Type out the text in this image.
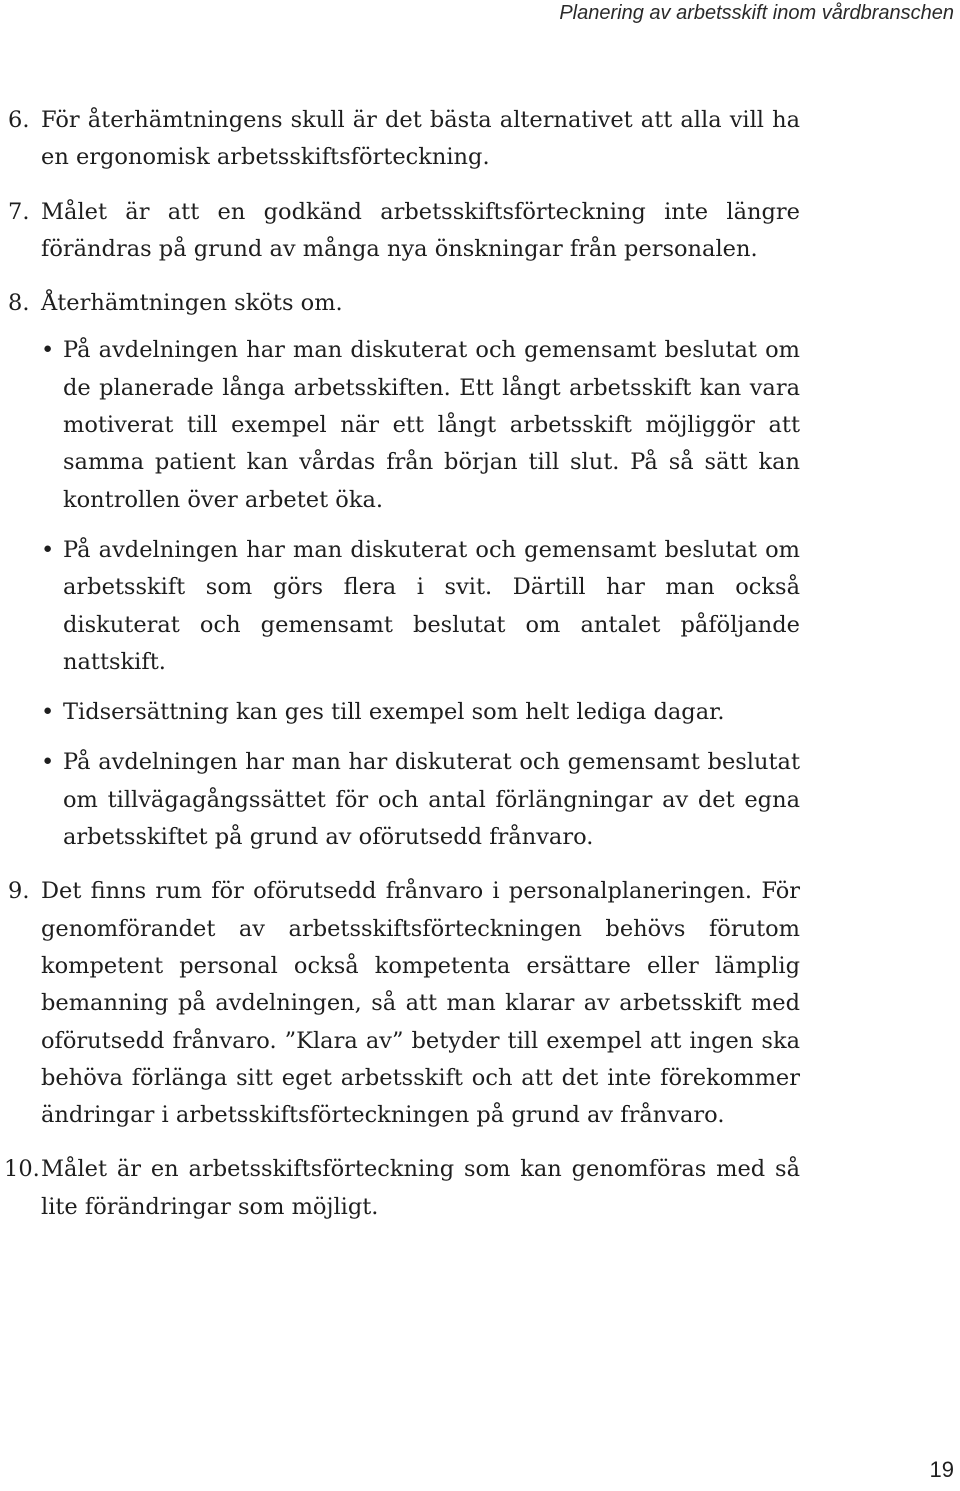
Planering av arbetsskift inom vårdbranschen

6. För återhämtningens skull är det bästa alternativet att alla vill ha en ergonomisk arbetsskiftsförteckning.
7. Målet är att en godkänd arbetsskiftsförteckning inte längre förändras på grund av många nya önskningar från personalen.
8. Återhämtningen sköts om.
• På avdelningen har man diskuterat och gemensamt beslutat om de planerade långa arbetsskiften. Ett långt arbetsskift kan vara motiverat till exempel när ett långt arbetsskift möjliggör att samma patient kan vårdas från början till slut. På så sätt kan kontrollen över arbetet öka.
• På avdelningen har man diskuterat och gemensamt beslutat om arbetsskift som görs flera i svit. Därtill har man också diskuterat och gemensamt beslutat om antalet påföljande nattskift.
• Tidsersättning kan ges till exempel som helt lediga dagar.
• På avdelningen har man har diskuterat och gemensamt beslutat om tillvägagångssättet för och antal förlängningar av det egna arbetsskiftet på grund av oförutsedd frånvaro.
9. Det finns rum för oförutsedd frånvaro i personalplaneringen. För genomförandet av arbetsskiftsförteckningen behövs förutom kompetent personal också kompetenta ersättare eller lämplig bemanning på avdelningen, så att man klarar av arbetsskift med oförutsedd frånvaro. ”Klara av” betyder till exempel att ingen ska behöva förlänga sitt eget arbetsskift och att det inte förekommer ändringar i arbetsskiftsförteckningen på grund av frånvaro.
10. Målet är en arbetsskiftsförteckning som kan genomföras med så lite förändringar som möjligt.

19
